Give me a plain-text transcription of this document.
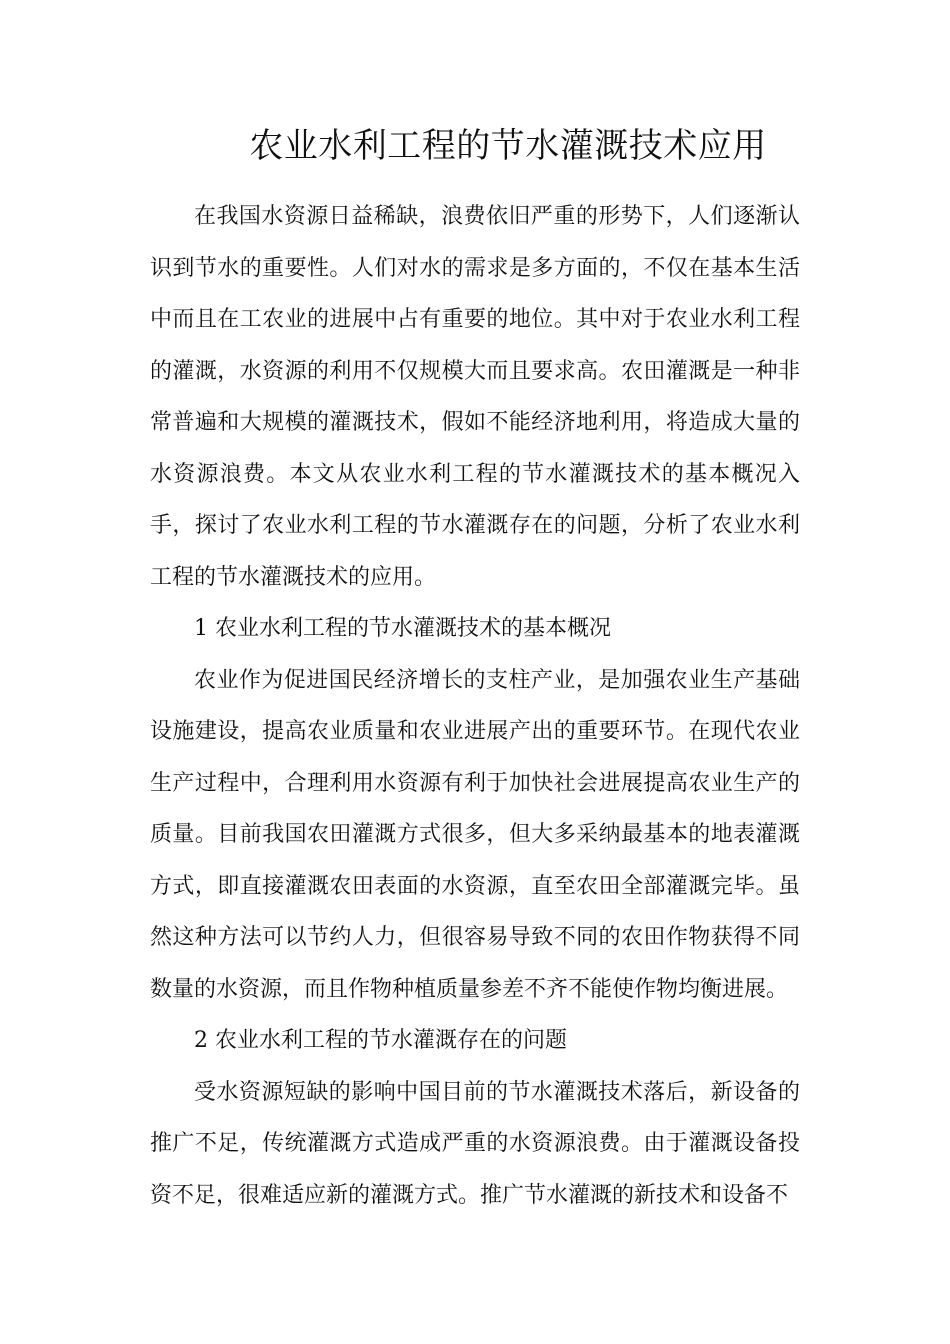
农业水利工程的节水灌溉技术应用

在我国水资源日益稀缺，浪费依旧严重的形势下，人们逐渐认识到节水的重要性。人们对水的需求是多方面的，不仅在基本生活中而且在工农业的进展中占有重要的地位。其中对于农业水利工程的灌溉，水资源的利用不仅规模大而且要求高。农田灌溉是一种非常普遍和大规模的灌溉技术，假如不能经济地利用，将造成大量的水资源浪费。本文从农业水利工程的节水灌溉技术的基本概况入手，探讨了农业水利工程的节水灌溉存在的问题，分析了农业水利工程的节水灌溉技术的应用。

1 农业水利工程的节水灌溉技术的基本概况

农业作为促进国民经济增长的支柱产业，是加强农业生产基础设施建设，提高农业质量和农业进展产出的重要环节。在现代农业生产过程中，合理利用水资源有利于加快社会进展提高农业生产的质量。目前我国农田灌溉方式很多，但大多采纳最基本的地表灌溉方式，即直接灌溉农田表面的水资源，直至农田全部灌溉完毕。虽然这种方法可以节约人力，但很容易导致不同的农田作物获得不同数量的水资源，而且作物种植质量参差不齐不能使作物均衡进展。

2 农业水利工程的节水灌溉存在的问题

受水资源短缺的影响中国目前的节水灌溉技术落后，新设备的推广不足，传统灌溉方式造成严重的水资源浪费。由于灌溉设备投资不足，很难适应新的灌溉方式。推广节水灌溉的新技术和设备不
